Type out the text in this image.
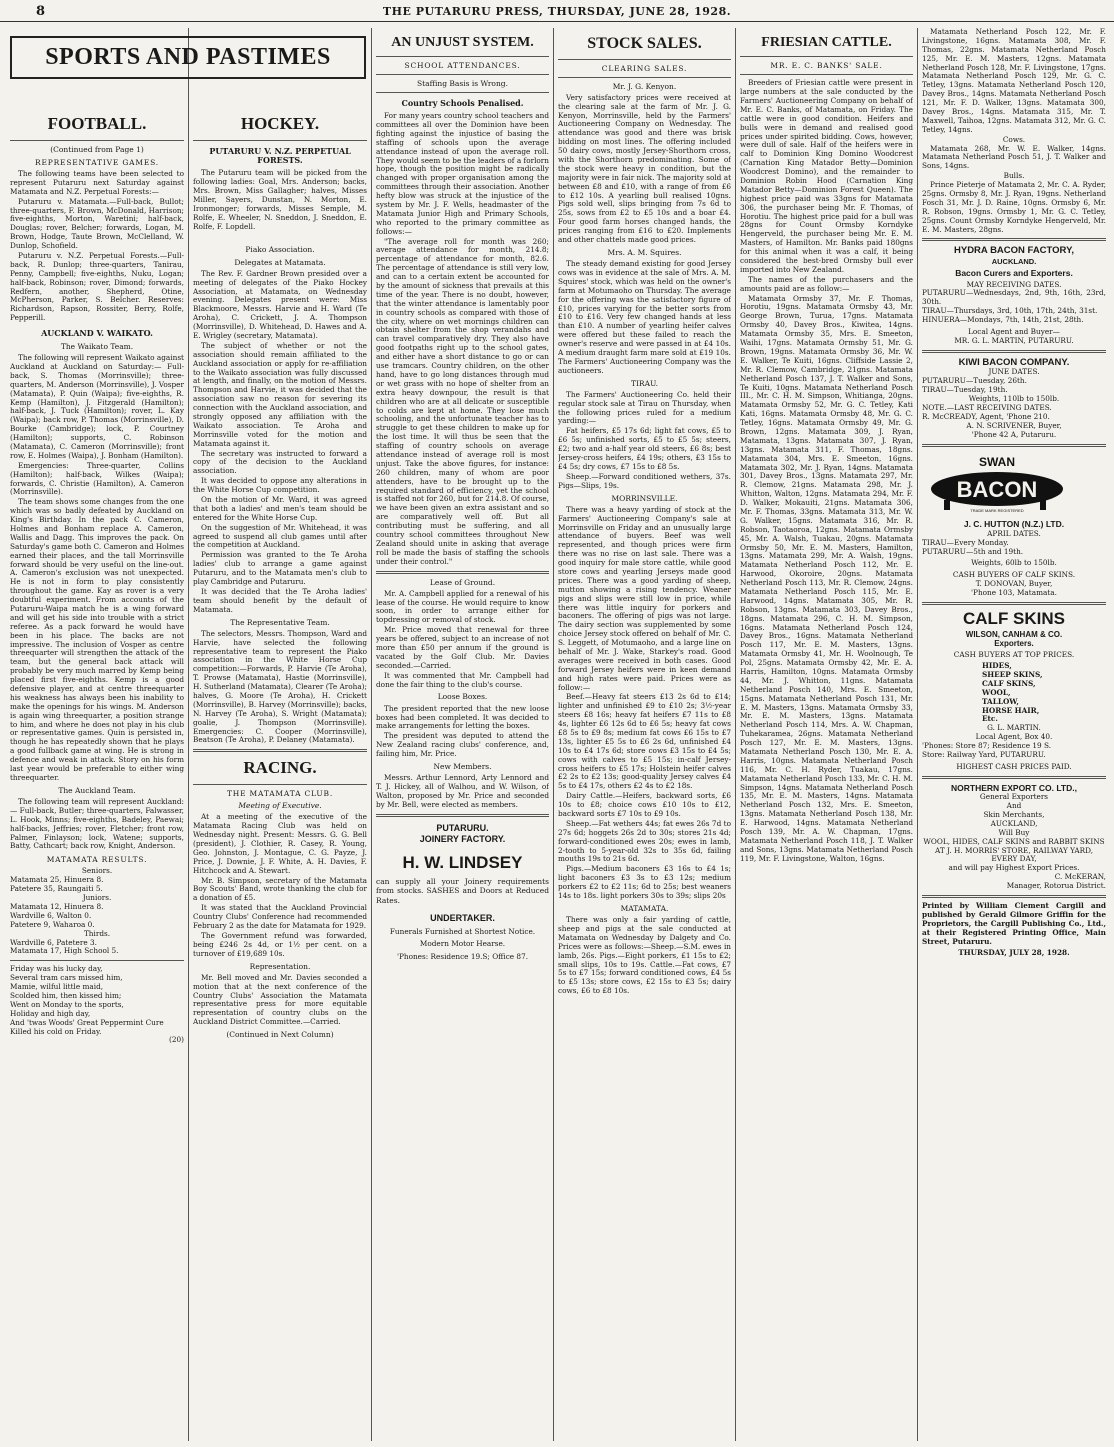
8	THE PUTARURU PRESS, THURSDAY, JUNE 28, 1928.
SPORTS AND PASTIMES
FOOTBALL.
(Continued from Page 1)
REPRESENTATIVE GAMES.

The following teams have been selected to represent Putaruru next Saturday against Matamata and N.Z. Perpetual Forests:—

Putaruru v. Matamata.—Full-back, Bullot; three-quarters, F. Brown, McDonald, Harrison; five-eighths, Morton, Waretini; half-back, Douglas; rover, Belcher; forwards, Logan, M. Brown, Hodge, Taute Brown, McClelland, W. Dunlop, Schofield.

Putaruru v. N.Z. Perpetual Forests.—Full-back, R. Dunlop; three-quarters, Tanirau, Penny, Campbell; five-eighths, Nuku, Logan; half-back, Robinson; rover, Dimond; forwards, Redfern, another, Shepherd, Otine, McPherson, Parker, S. Belcher. Reserves: Richardson, Rapson, Rossiter, Berry, Rolfe, Pepperill.

AUCKLAND V. WAIKATO.
The Waikato Team.

The following will represent Waikato against Auckland at Auckland on Saturday:— Full-back, S. Thomas (Morrinsville); three-quarters, M. Anderson (Morrinsville), J. Vosper (Matamata), P. Quin (Waipa); five-eighths, R. Kemp (Hamilton), J. Fitzgerald (Hamilton); half-back, J. Tuck (Hamilton); rover, L. Kay (Waipa); back row, P. Thomas (Morrinsville), D. Bourke (Cambridge); lock, P. Courtney (Hamilton); supports, C. Robinson (Matamata), C. Cameron (Morrinsville); front row, E. Holmes (Waipa), J. Bonham (Hamilton).

Emergencies: Three-quarter, Collins (Hamilton); half-back, Wilkes (Waipa); forwards, C. Christie (Hamilton), A. Cameron (Morrinsville).

The team shows some changes from the one which was so badly defeated by Auckland on King's Birthday. In the pack C. Cameron, Holmes and Bonham replace A. Cameron, Wallis and Dagg. This improves the pack. On Saturday's game both C. Cameron and Holmes earned their places, and the tall Morrinsville forward should be very useful on the line-out. A. Cameron's exclusion was not unexpected. He is not in form to play consistently throughout the game. Kay as rover is a very doubtful experiment. From accounts of the Putaruru-Waipa match he is a wing forward and will get his side into trouble with a strict referee. As a pack forward he would have been in his place. The backs are not impressive. The inclusion of Vosper as centre threequarter will strengthen the attack of the team, but the general back attack will probably be very much marred by Kemp being placed first five-eighths. Kemp is a good defensive player, and at centre threequarter his weakness has always been his inability to make the openings for his wings. M. Anderson is again wing threequarter, a position strange to him, and where he does not play in his club or representative games. Quin is persisted in, though he has repeatedly shown that he plays a good fullback game at wing. He is strong in defence and weak in attack. Story on his form last year would be preferable to either wing threequarter.

The Auckland Team.

The following team will represent Auckland:— Full-back, Butler; three-quarters, Falwasser, L. Hook, Minns; five-eighths, Badeley, Paewai; half-backs, Jeffries; rover, Fletcher; front row, Palmer, Finlayson; lock, Watene; supports, Batty, Cathcart; back row, Knight, Anderson.

MATAMATA RESULTS.
Seniors.
Matamata 25, Hinuera 8.
Patetere 35, Raungaiti 5.
Juniors.
Matamata 12, Hinuera 8.
Wardville 6, Walton 0.
Patetere 9, Waharoa 0.
Thirds.
Wardville 6, Patetere 3.
Matamata 17, High School 5.
Friday was his lucky day,
Several tram cars missed him,
Mamie, wilful little maid,
Scolded him, then kissed him;
Went on Monday to the sports,
Holiday and high day,
And 'twas Woods' Great Peppermint Cure
Killed his cold on Friday.
(20)
HOCKEY.
PUTARURU V. N.Z. PERPETUAL FORESTS.

The Putaruru team will be picked from the following ladies: Goal, Mrs. Anderson; backs, Mrs. Brown, Miss Gallagher; halves, Misses Miller, Sayers, Dunstan, N. Morton, E. Ironmonger; forwards, Misses Semple, M. Rolfe, E. Wheeler, N. Sneddon, J. Sneddon, E. Rolfe, F. Lopdell.

Piako Association.
Delegates at Matamata.

The Rev. F. Gardner Brown presided over a meeting of delegates of the Piako Hockey Association, at Matamata, on Wednesday evening. Delegates present were: Miss Blackmoore, Messrs. Harvie and H. Ward (Te Aroha), C. Crickett, J. A. Thompson (Morrinsville), D. Whitehead, D. Hawes and A. E. Wrigley (secretary, Matamata).

The subject of whether or not the association should remain affiliated to the Auckland association or apply for re-affiliation to the Waikato association was fully discussed at length, and finally, on the motion of Messrs. Thompson and Harvie, it was decided that the association saw no reason for severing its connection with the Auckland association, and strongly opposed any affiliation with the Waikato association. Te Aroha and Morrinsville voted for the motion and Matamata against it.

The secretary was instructed to forward a copy of the decision to the Auckland association.

It was decided to oppose any alterations in the White Horse Cup competition.

On the motion of Mr. Ward, it was agreed that both a ladies' and men's team should be entered for the White Horse Cup.

On the suggestion of Mr. Whitehead, it was agreed to suspend all club games until after the competition at Auckland.

Permission was granted to the Te Aroha ladies' club to arrange a game against Putaruru, and to the Matamata men's club to play Cambridge and Putaruru.

It was decided that the Te Aroha ladies' team should benefit by the default of Matamata.

The Representative Team.

The selectors, Messrs. Thompson, Ward and Harvie, have selected the following representative team to represent the Piako association in the White Horse Cup competition:—Forwards, P. Harvie (Te Aroha), T. Prowse (Matamata), Hastie (Morrinsville), H. Sutherland (Matamata), Clearer (Te Aroha); halves, G. Moore (Te Aroha), H. Crickett (Morrinsville), B. Harvey (Morrinsville); backs, N. Harvey (Te Aroha), S. Wright (Matamata); goalie, J. Thompson (Morrinsville). Emergencies: C. Cooper (Morrinsville), Beatson (Te Aroha), P. Delaney (Matamata).

RACING.
THE MATAMATA CLUB.
Meeting of Executive.

At a meeting of the executive of the Matamata Racing Club was held on Wednesday night. Present: Messrs. G. G. Bell (president), J. Clothier, R. Casey, R. Young, Geo. Johnston, J. Montague, C. G. Payze, J. Price, J. Downie, J. F. White, A. H. Davies, F. Hitchcock and A. Stewart.

Mr. B. Simpson, secretary of the Matamata Boy Scouts' Band, wrote thanking the club for a donation of £5.

It was stated that the Auckland Provincial Country Clubs' Conference had recommended February 2 as the date for Matamata for 1929.

The Government refund was forwarded, being £246 2s 4d, or 1½ per cent. on a turnover of £19,689 10s.

Representation.

Mr. Bell moved and Mr. Davies seconded a motion that at the next conference of the Country Clubs' Association the Matamata representative press for more equitable representation of country clubs on the Auckland District Committee.—Carried.

(Continued in Next Column)
AN UNJUST SYSTEM.
SCHOOL ATTENDANCES.
Staffing Basis is Wrong.
Country Schools Penalised.

For many years country school teachers and committees all over the Dominion have been fighting against the injustice of basing the staffing of schools upon the average attendance instead of upon the average roll. They would seem to be the leaders of a forlorn hope, though the position might be radically changed with proper organisation among the committees through their association. Another hefty blow was struck at the injustice of the system by Mr. J. F. Wells, headmaster of the Matamata Junior High and Primary Schools, who reported to the primary committee as follows:—

"The average roll for month was 260; average attendance for month, 214.8; percentage of attendance for month, 82.6. The percentage of attendance is still very low, and can to a certain extent be accounted for by the amount of sickness that prevails at this time of the year. There is no doubt, however, that the winter attendance is lamentably poor in country schools as compared with those of the city, where on wet mornings children can obtain shelter from the shop verandahs and can travel comparatively dry. They also have good footpaths right up to the school gates, and either have a short distance to go or can use tramcars. Country children, on the other hand, have to go long distances through mud or wet grass with no hope of shelter from an extra heavy downpour, the result is that children who are at all delicate or susceptible to colds are kept at home. They lose much schooling, and the unfortunate teacher has to struggle to get these children to make up for the lost time. It will thus be seen that the staffing of country schools on average attendance instead of average roll is most unjust. Take the above figures, for instance: 260 children, many of whom are poor attenders, have to be brought up to the required standard of efficiency, yet the school is staffed not for 260, but for 214.8. Of course, we have been given an extra assistant and so are comparatively well off. But all contributing must be suffering, and all country school committees throughout New Zealand should unite in asking that average roll be made the basis of staffing the schools under their control."

Lease of Ground.

Mr. A. Campbell applied for a renewal of his lease of the course. He would require to know soon, in order to arrange either for topdressing or removal of stock.

Mr. Price moved that renewal for three years be offered, subject to an increase of not more than £50 per annum if the ground is vacated by the Golf Club. Mr. Davies seconded.—Carried.

It was commented that Mr. Campbell had done the fair thing to the club's course.

Loose Boxes.

The president reported that the new loose boxes had been completed. It was decided to make arrangements for letting the boxes.

The president was deputed to attend the New Zealand racing clubs' conference, and, failing him, Mr. Price.

New Members.

Messrs. Arthur Lennord, Arty Lennord and T. J. Hickey, all of Walhou, and W. Wilson, of Walton, proposed by Mr. Price and seconded by Mr. Bell, were elected as members.

PUTARURU.
JOINERY FACTORY.
H. W. LINDSEY

can supply all your Joinery requirements from stocks. SASHES and Doors at Reduced Rates.

UNDERTAKER.
Funerals Furnished at Shortest Notice.
Modern Motor Hearse.
'Phones: Residence 19.S; Office 87.
STOCK SALES.
CLEARING SALES.
Mr. J. G. Kenyon.

Very satisfactory prices were received at the clearing sale at the farm of Mr. J. G. Kenyon, Morrinsville, held by the Farmers' Auctioneering Company on Wednesday. The attendance was good and there was brisk bidding on most lines. The offering included 50 dairy cows, mostly Jersey-Shorthorn cross, with the Shorthorn predominating. Some of the stock were heavy in condition, but the majority were in fair nick. The majority sold at between £8 and £10, with a range of from £6 to £12 10s. A yearling bull realised 10gns. Pigs sold well, slips bringing from 7s 6d to 25s, sows from £2 to £5 10s and a boar £4. Four good farm horses changed hands, the prices ranging from £16 to £20. Implements and other chattels made good prices.

Mrs. A. M. Squires.

The steady demand existing for good Jersey cows was in evidence at the sale of Mrs. A. M. Squires' stock, which was held on the owner's farm at Motumaoho on Thursday. The average for the offering was the satisfactory figure of £10, prices varying for the better sorts from £10 to £16. Very few changed hands at less than £10. A number of yearling heifer calves were offered but these failed to reach the owner's reserve and were passed in at £4 10s. A medium draught farm mare sold at £19 10s. The Farmers' Auctioneering Company was the auctioneers.

TIRAU.

The Farmers' Auctioneering Co. held their regular stock sale at Tirau on Thursday, when the following prices ruled for a medium yarding:—

Fat heifers, £5 17s 6d; light fat cows, £5 to £6 5s; unfinished sorts, £5 to £5 5s; steers, £2; two and a-half year old steers, £6 8s; best Jersey-cross heifers, £4 19s; others, £3 15s to £4 5s; dry cows, £7 15s to £8 5s.

Sheep.—Forward conditioned wethers, 37s. Pigs—Slips, 19s.

MORRINSVILLE.

There was a heavy yarding of stock at the Farmers' Auctioneering Company's sale at Morrinsville on Friday and an unusually large attendance of buyers. Beef was well represented, and though prices were firm there was no rise on last sale. There was a good inquiry for male store cattle, while good store cows and yearling Jerseys made good prices. There was a good yarding of sheep, mutton showing a rising tendency. Weaner pigs and slips were still low in price, while there was little inquiry for porkers and baconers. The offering of pigs was not large. The dairy section was supplemented by some choice Jersey stock offered on behalf of Mr. C. S. Leggett, of Motumaoho, and a large line on behalf of Mr. J. Wake, Starkey's road. Good averages were received in both cases. Good forward Jersey heifers were in keen demand and high rates were paid. Prices were as follow:—

Beef.—Heavy fat steers £13 2s 6d to £14; lighter and unfinished £9 to £10 2s; 3½-year steers £8 16s; heavy fat heifers £7 11s to £8 4s, lighter £6 12s 6d to £6 5s; heavy fat cows £8 5s to £9 8s; medium fat cows £6 15s to £7 13s, lighter £5 5s to £6 2s 6d, unfinished £4 10s to £4 17s 6d; store cows £3 15s to £4 5s; cows with calves to £5 15s; in-calf Jersey-cross heifers to £5 17s; Holstein heifer calves £2 2s to £2 13s; good-quality Jersey calves £4 5s to £4 17s, others £2 4s to £2 18s.

Dairy Cattle.—Heifers, backward sorts, £6 10s to £8; choice cows £10 10s to £12, backward sorts £7 10s to £9 10s.

Sheep.—Fat wethers 44s; fat ewes 26s 7d to 27s 6d; hoggets 26s 2d to 30s; stores 21s 4d; forward-conditioned ewes 20s; ewes in lamb, 2-tooth to 5-year-old 32s to 35s 6d, failing mouths 19s to 21s 6d.

Pigs.—Medium baconers £3 16s to £4 1s; light baconers £3 3s to £3 12s; medium porkers £2 to £2 11s; 6d to 25s; best weaners 14s to 18s. light porkers 30s to 39s; slips 20s

MATAMATA.

There was only a fair yarding of cattle, sheep and pigs at the sale conducted at Matamata on Wednesday by Dalgety and Co. Prices were as follows:—Sheep.—S.M. ewes in lamb, 26s. Pigs.—Eight porkers, £1 15s to £2; small slips, 10s to 19s. Cattle.—Fat cows, £7 5s to £7 15s; forward conditioned cows, £4 5s to £5 13s; store cows, £2 15s to £3 5s; dairy cows, £6 to £8 10s.

FRIESIAN CATTLE.
MR. E. C. BANKS' SALE.

Breeders of Friesian cattle were present in large numbers at the sale conducted by the Farmers' Auctioneering Company on behalf of Mr. E. C. Banks, of Matamata, on Friday. The cattle were in good condition. Heifers and bulls were in demand and realised good prices under spirited bidding. Cows, however, were dull of sale. Half of the heifers were in calf to Dominion King Domino Woodcrest (Carnation King Matador Betty—Dominion Woodcrest Domino), and the remainder to Dominion Robin Hood (Carnation King Matador Betty—Dominion Forest Queen). The highest price paid was 33gns for Matamata 306, the purchaser being Mr. F. Thomas, of Horotiu. The highest price paid for a bull was 28gns for Count Ormsby Korndyke Hengerveld, the purchaser being Mr. E. M. Masters, of Hamilton. Mr. Banks paid 180gns for this animal when it was a calf, it being considered the best-bred Ormsby bull ever imported into New Zealand.

The names of the purchasers and the amounts paid are as follow:—

Matamata Ormsby 37, Mr. F. Thomas, Horotiu, 19gns. Matamata Ormsby 43, Mr. George Brown, Turua, 17gns. Matamata Ormsby 40, Davey Bros., Kiwitea, 14gns. Matamata Ormsby 35, Mrs. E. Smeeton, Waihi, 17gns. Matamata Ormsby 51, Mr. G. Brown, 19gns. Matamata Ormsby 36, Mr. W. E. Walker, Te Kuiti, 16gns. Cliffside Lassie 2, Mr. R. Clemow, Cambridge, 21gns. Matamata Netherland Posch 137, J. T. Walker and Sons, Te Kuiti, 10gns. Matamata Netherland Posch III., Mr. C. H. M. Simpson, Whitianga, 20gns. Matamata Ormsby 52, Mr. G. C. Tetley, Kati Kati, 16gns. Matamata Ormsby 48, Mr. G. C. Tetley, 16gns. Matamata Ormsby 49, Mr. G. Brown, 12gns. Matamata 309, J. Ryan, Matamata, 13gns. Matamata 307, J. Ryan, 13gns. Matamata 311, F. Thomas, 18gns. Matamata 304, Mrs. E. Smeeton, 16gns. Matamata 302, Mr. J. Ryan, 14gns. Matamata 301, Davey Bros., 13gns. Matamata 297, Mr. R. Clemow, 21gns. Matamata 298, Mr. J. Whitton, Walton, 12gns. Matamata 294, Mr. F. D. Walker, Mokauiti, 21gns. Matamata 306, Mr. F. Thomas, 33gns. Matamata 313, Mr. W. G. Walker, 15gns. Matamata 316, Mr. R. Robson, Taotaoroa, 12gns. Matamata Ormsby 45, Mr. A. Walsh, Tuakau, 20gns. Matamata Ormsby 50, Mr. E. M. Masters, Hamilton, 13gns. Matamata 299, Mr. A. Walsh, 19gns. Matamata Netherland Posch 112, Mr. E. Harwood, Okoroire, 20gns. Matamata Netherland Posch 113, Mr. R. Clemow, 24gns. Matamata Netherland Posch 115, Mr. E. Harwood, 14gns. Matamata 305, Mr. R. Robson, 13gns. Matamata 303, Davey Bros., 18gns. Matamata 296, C. H. M. Simpson, 16gns. Matamata Netherland Posch 124, Davey Bros., 16gns. Matamata Netherland Posch 117, Mr. E. M. Masters, 13gns. Matamata Ormsby 41, Mr. H. Woolnough, Te Pol, 25gns. Matamata Ormsby 42, Mr. E. A. Harris, Hamilton, 10gns. Matamata Ormsby 44, Mr. J. Whitton, 11gns. Matamata Netherland Posch 140, Mrs. E. Smeeton, 15gns. Matamata Netherland Posch 131, Mr. E. M. Masters, 13gns. Matamata Ormsby 33, Mr. E. M. Masters, 13gns. Matamata Netherland Posch 114, Mrs. A. W. Chapman, Tuhekaramea, 26gns. Matamata Netherland Posch 127, Mr. E. M. Masters, 13gns. Matamata Netherland Posch 130, Mr. E. A. Harris, 10gns. Matamata Netherland Posch 116, Mr. C. H. Ryder, Tuakau, 17gns. Matamata Netherland Posch 133, Mr. C. H. M. Simpson, 14gns. Matamata Netherland Posch 135, Mr. E. M. Masters, 14gns. Matamata Netherland Posch 132, Mrs. E. Smeeton, 13gns. Matamata Netherland Posch 138, Mr. E. Harwood, 14gns. Matamata Netherland Posch 139, Mr. A. W. Chapman, 17gns. Matamata Netherland Posch 118, J. T. Walker and Sons, 13gns. Matamata Netherland Posch 119, Mr. F. Livingstone, Walton, 16gns.

Matamata Netherland Posch 122, Mr. F. Livingstone, 16gns. Matamata 308, Mr. F. Thomas, 22gns. Matamata Netherland Posch 125, Mr. E. M. Masters, 12gns. Matamata Netherland Posch 128, Mr. F. Livingstone, 17gns. Matamata Netherland Posch 129, Mr. G. C. Tetley, 13gns. Matamata Netherland Posch 120, Davey Bros., 14gns. Matamata Netherland Posch 121, Mr. F. D. Walker, 13gns. Matamata 300, Davey Bros., 14gns. Matamata 315, Mr. T. Maxwell, Taihoa, 12gns. Matamata 312, Mr. G. C. Tetley, 14gns.

Cows.

Matamata 268, Mr. W. E. Walker, 14gns. Matamata Netherland Posch 51, J. T. Walker and Sons, 14gns.

Bulls.

Prince Pieterje of Matamata 2, Mr. C. A. Ryder, 25gns. Ormsby 8, Mr. J. Ryan, 19gns. Netherland Fosch 31, Mr. J. D. Raine, 10gns. Ormsby 6, Mr. R. Robson, 19gns. Ormsby 1, Mr. G. C. Tetley, 25gns. Count Ormsby Korndyke Hengerveld, Mr. E. M. Masters, 28gns.

HYDRA BACON FACTORY,
AUCKLAND.
Bacon Curers and Exporters.
MAY RECEIVING DATES.
PUTARURU—Wednesdays, 2nd, 9th, 16th, 23rd, 30th.
TIRAU—Thursdays, 3rd, 10th, 17th, 24th, 31st.
HINUERA—Mondays, 7th, 14th, 21st, 28th.
Local Agent and Buyer—
MR. G. L. MARTIN, PUTARURU.
KIWI BACON COMPANY.
JUNE DATES.
PUTARURU—Tuesday, 26th.
TIRAU—Tuesday, 19th.
Weights, 110lb to 150lb.
NOTE.—LAST RECEIVING DATES.
R. McCREADY, Agent, 'Phone 210.
A. N. SCRIVENER, Buyer,
'Phone 42 A, Putaruru.
SWAN
BACON
TRADE MARK REGISTERED
J. C. HUTTON (N.Z.) LTD.
APRIL DATES.
TIRAU—Every Monday.
PUTARURU—5th and 19th.
Weights, 60lb to 150lb.
CASH BUYERS OF CALF SKINS.
T. DONOVAN, Buyer,
'Phone 103, Matamata.
CALF SKINS
WILSON, CANHAM & CO.
Exporters.
CASH BUYERS AT TOP PRICES.
HIDES,
SHEEP SKINS,
CALF SKINS,
WOOL,
TALLOW,
HORSE HAIR,
Etc.
G. L. MARTIN.
Local Agent, Box 40.
'Phones: Store 87; Residence 19 S.
Store: Railway Yard, PUTARURU.
HIGHEST CASH PRICES PAID.
NORTHERN EXPORT CO. LTD.,
General Exporters
And
Skin Merchants,
AUCKLAND,
Will Buy
WOOL, HIDES, CALF SKINS and RABBIT SKINS
AT J. H. MORRIS' STORE, RAILWAY YARD,
EVERY DAY,
and will pay Highest Export Prices.
C. McKERAN,
Manager, Rotorua District.

Printed by William Clement Cargill and published by Gerald Gilmore Griffin for the Proprietors, the Cargill Publishing Co., Ltd., at their Registered Printing Office, Main Street, Putaruru.

THURSDAY, JULY 28, 1928.
